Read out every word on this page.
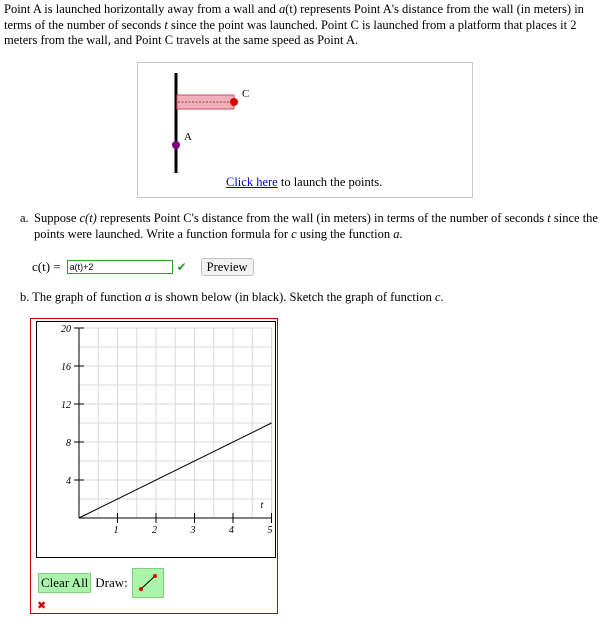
Point A is launched horizontally away from a wall and a(t) represents Point A's distance from the wall (in meters) in terms of the number of seconds t since the point was launched. Point C is launched from a platform that places it 2 meters from the wall, and Point C travels at the same speed as Point A.
C
A
Click here to launch the points.
a. Suppose c(t) represents Point C's distance from the wall (in meters) in terms of the number of seconds t since the points were launched. Write a function formula for c using the function a.
c(t) =	a(t)+2	✔	Preview
b. The graph of function a is shown below (in black). Sketch the graph of function c.
1	2	3	4	5
4
8
12
16
20
t
Clear All Draw:
✖
